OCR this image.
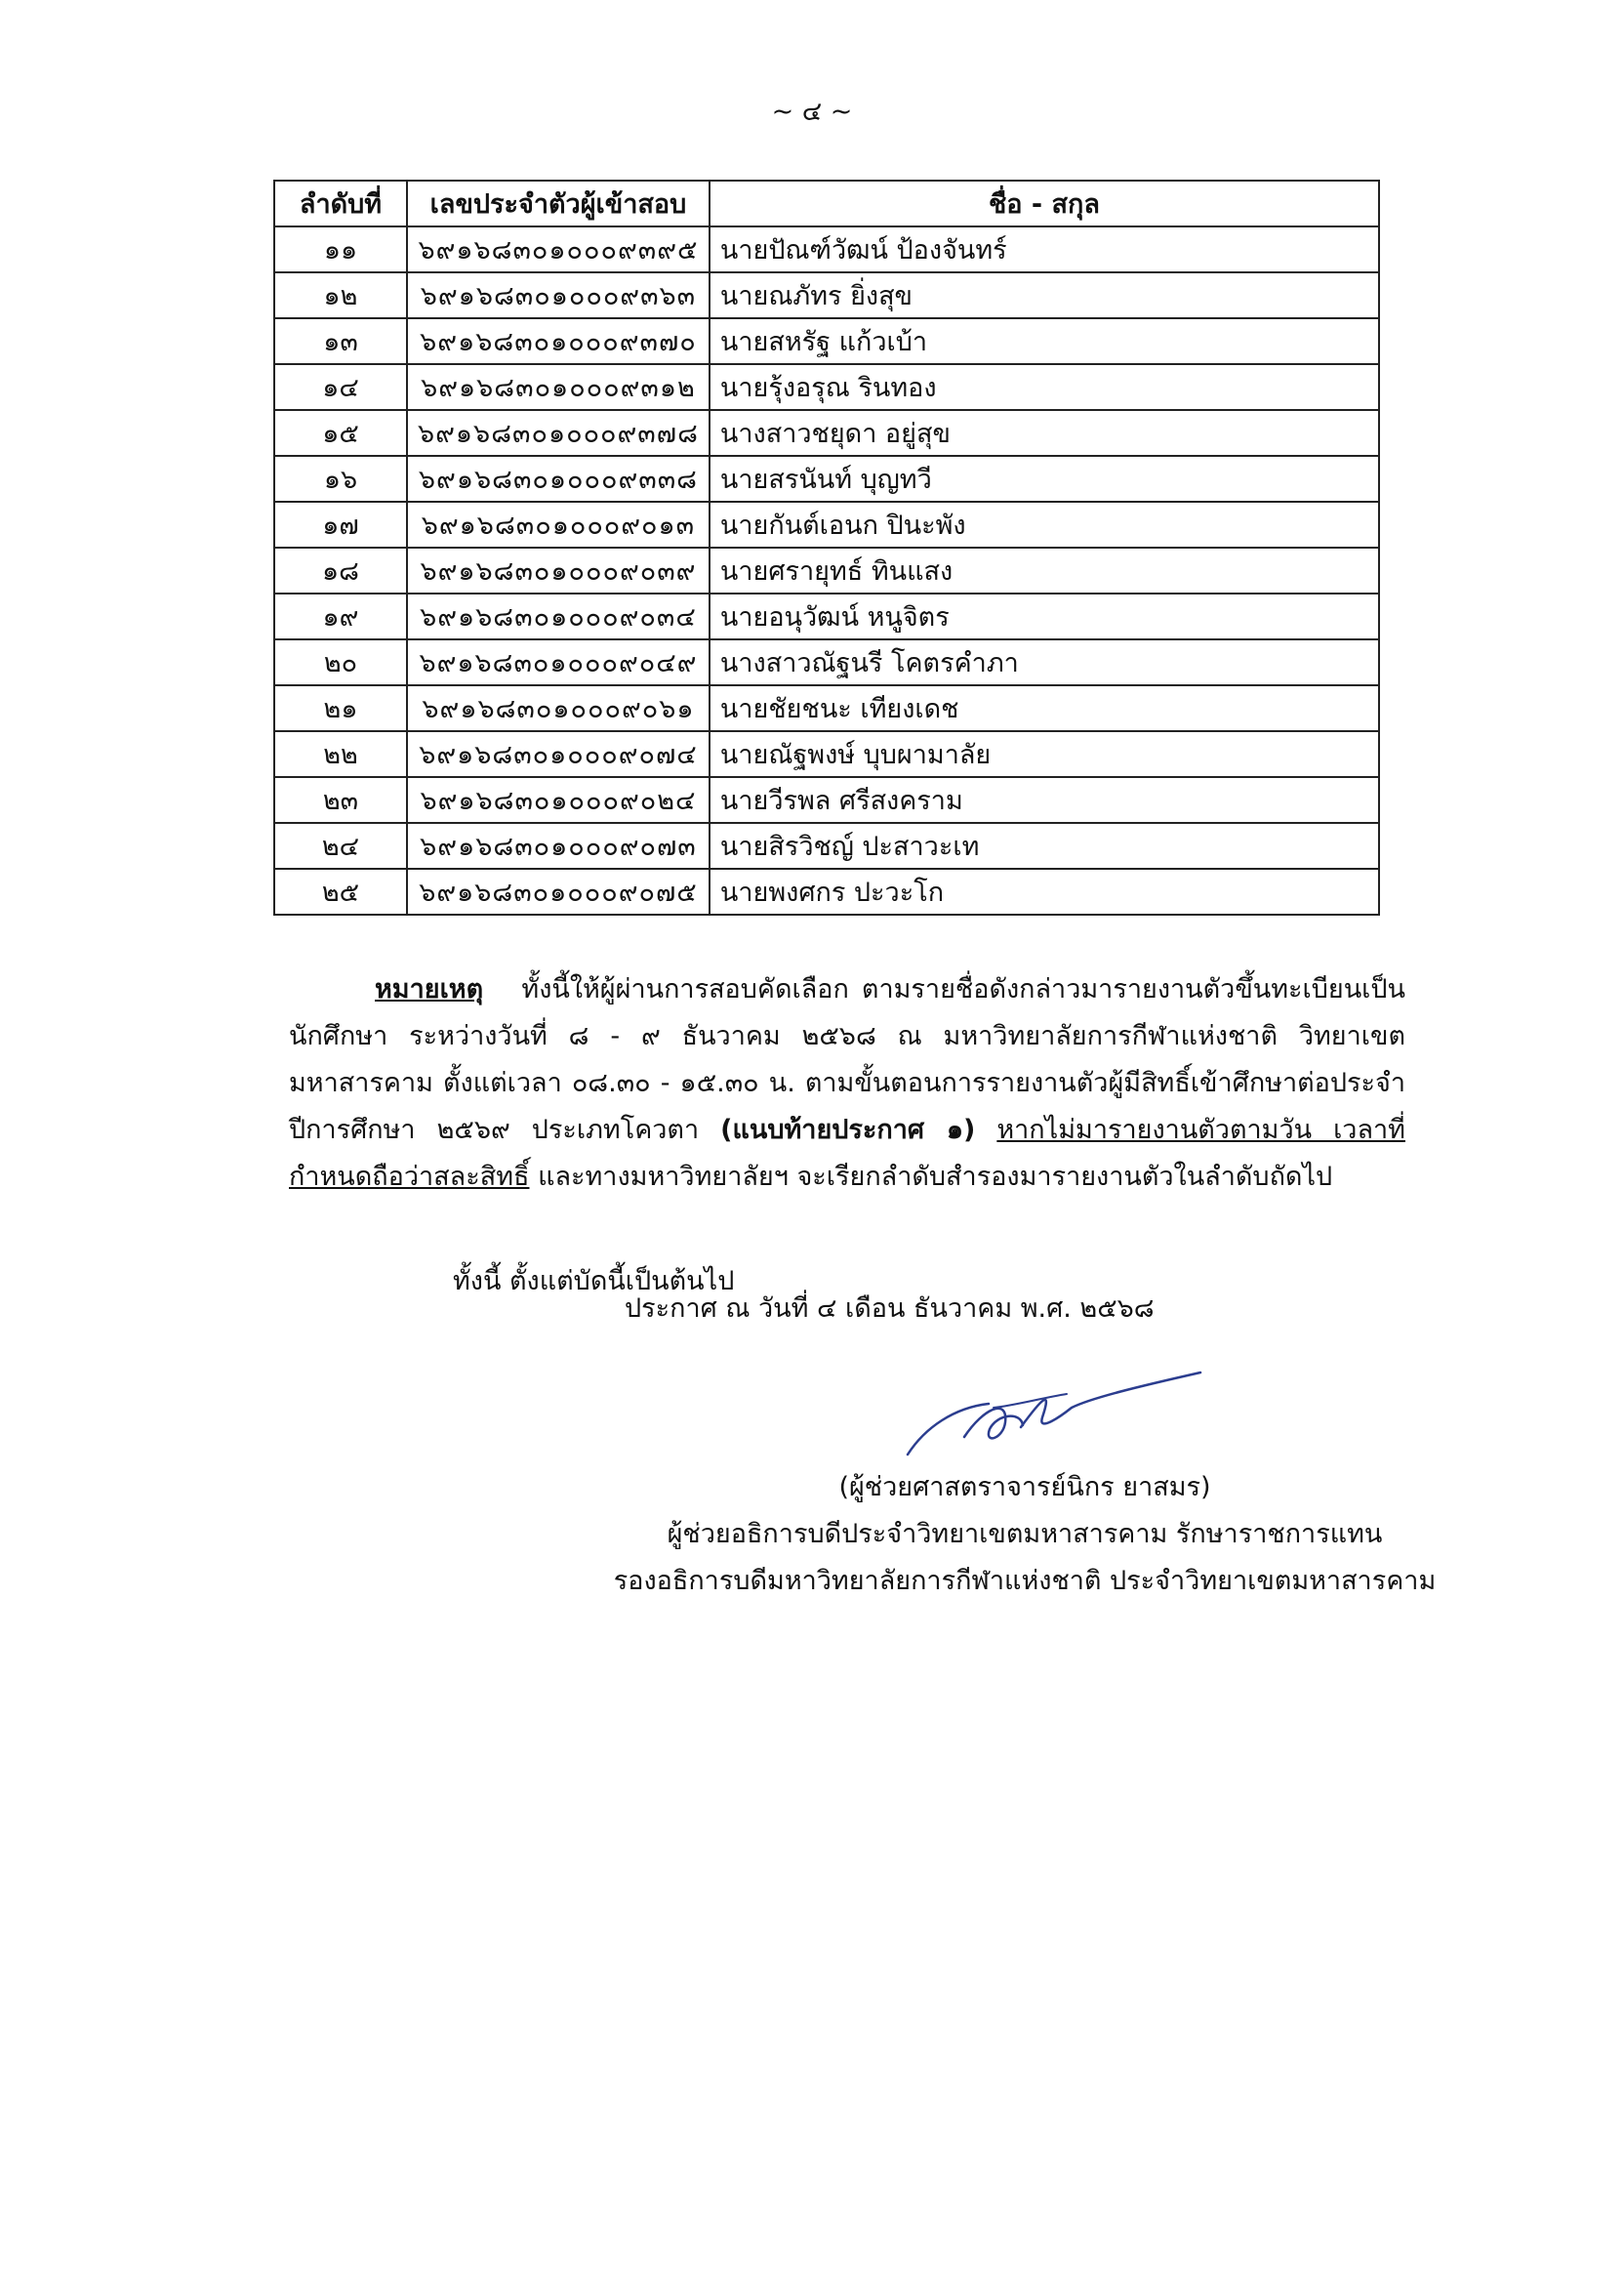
~ ๔ ~
ลำดับที่	เลขประจำตัวผู้เข้าสอบ	ชื่อ - สกุล
๑๑	๖๙๑๖๘๓๐๑๐๐๐๙๓๙๕	นายปัณฑ์วัฒน์ ป้องจันทร์
๑๒	๖๙๑๖๘๓๐๑๐๐๐๙๓๖๓	นายณภัทร ยิ่งสุข
๑๓	๖๙๑๖๘๓๐๑๐๐๐๙๓๗๐	นายสหรัฐ แก้วเบ้า
๑๔	๖๙๑๖๘๓๐๑๐๐๐๙๓๑๒	นายรุ้งอรุณ รินทอง
๑๕	๖๙๑๖๘๓๐๑๐๐๐๙๓๗๘	นางสาวชยุดา อยู่สุข
๑๖	๖๙๑๖๘๓๐๑๐๐๐๙๓๓๘	นายสรนันท์ บุญทวี
๑๗	๖๙๑๖๘๓๐๑๐๐๐๙๐๑๓	นายกันต์เอนก ปินะพัง
๑๘	๖๙๑๖๘๓๐๑๐๐๐๙๐๓๙	นายศรายุทธ์ ทินแสง
๑๙	๖๙๑๖๘๓๐๑๐๐๐๙๐๓๔	นายอนุวัฒน์ หนูจิตร
๒๐	๖๙๑๖๘๓๐๑๐๐๐๙๐๔๙	นางสาวณัฐนรี โคตรคำภา
๒๑	๖๙๑๖๘๓๐๑๐๐๐๙๐๖๑	นายชัยชนะ เทียงเดช
๒๒	๖๙๑๖๘๓๐๑๐๐๐๙๐๗๔	นายณัฐพงษ์ บุบผามาลัย
๒๓	๖๙๑๖๘๓๐๑๐๐๐๙๐๒๔	นายวีรพล ศรีสงคราม
๒๔	๖๙๑๖๘๓๐๑๐๐๐๙๐๗๓	นายสิรวิชญ์ ปะสาวะเท
๒๕	๖๙๑๖๘๓๐๑๐๐๐๙๐๗๕	นายพงศกร ปะวะโก

หมายเหตุ ทั้งนี้ให้ผู้ผ่านการสอบคัดเลือก ตามรายชื่อดังกล่าวมารายงานตัวขึ้นทะเบียนเป็นนักศึกษา ระหว่างวันที่ ๘ - ๙ ธันวาคม ๒๕๖๘ ณ มหาวิทยาลัยการกีฬาแห่งชาติ วิทยาเขตมหาสารคาม ตั้งแต่เวลา ๐๘.๓๐ - ๑๕.๓๐ น. ตามขั้นตอนการรายงานตัวผู้มีสิทธิ์เข้าศึกษาต่อประจำปีการศึกษา ๒๕๖๙ ประเภทโควตา (แนบท้ายประกาศ ๑) หากไม่มารายงานตัวตามวัน เวลาที่กำหนดถือว่าสละสิทธิ์ และทางมหาวิทยาลัยฯ จะเรียกลำดับสำรองมารายงานตัวในลำดับถัดไป

ทั้งนี้ ตั้งแต่บัดนี้เป็นต้นไป
ประกาศ ณ วันที่ ๔ เดือน ธันวาคม พ.ศ. ๒๕๖๘
(ผู้ช่วยศาสตราจารย์นิกร ยาสมร)
ผู้ช่วยอธิการบดีประจำวิทยาเขตมหาสารคาม รักษาราชการแทน
รองอธิการบดีมหาวิทยาลัยการกีฬาแห่งชาติ ประจำวิทยาเขตมหาสารคาม
